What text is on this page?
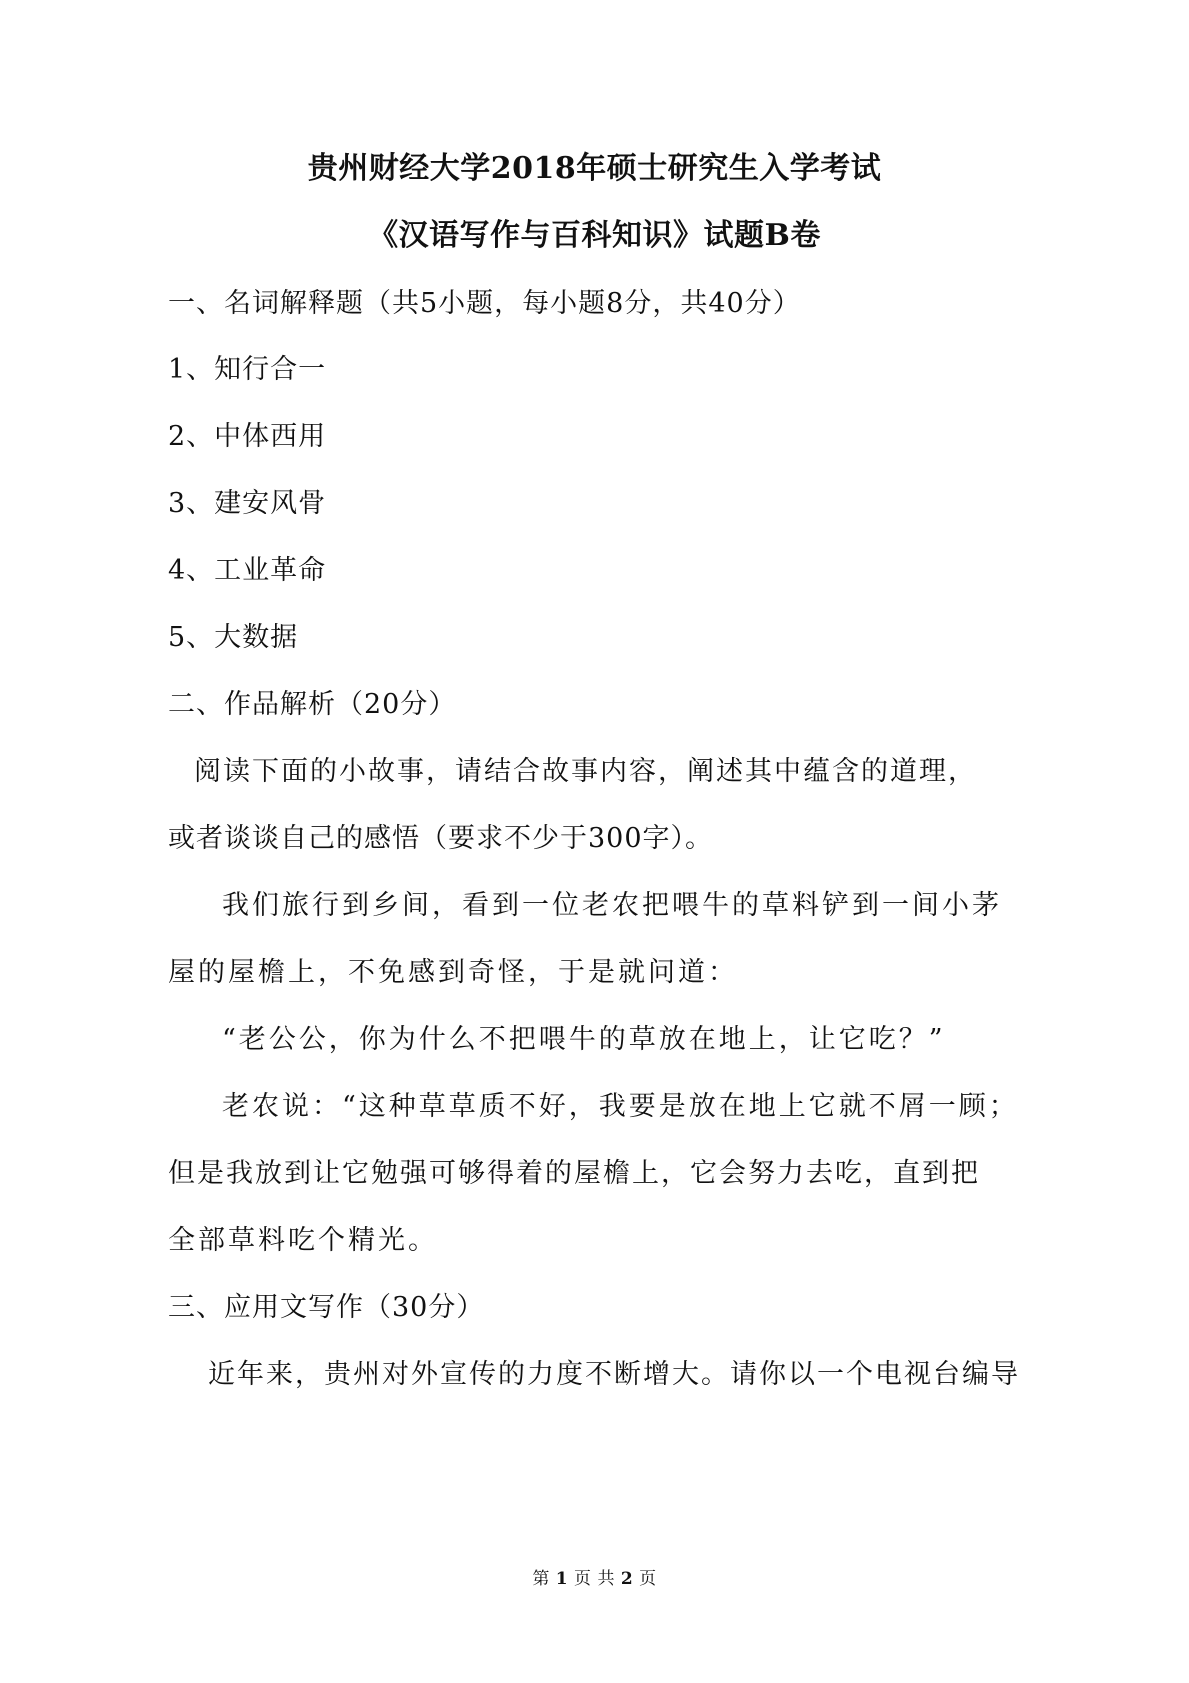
贵州财经大学2018年硕士研究生入学考试
《汉语写作与百科知识》试题B卷
一、名词解释题（共5小题，每小题8分，共40分）
1、知行合一
2、中体西用
3、建安风骨
4、工业革命
5、大数据
二、作品解析（20分）
阅读下面的小故事，请结合故事内容，阐述其中蕴含的道理，
或者谈谈自己的感悟（要求不少于300字）。
我们旅行到乡间，看到一位老农把喂牛的草料铲到一间小茅
屋的屋檐上，不免感到奇怪，于是就问道：
“老公公，你为什么不把喂牛的草放在地上，让它吃？”
老农说：“这种草草质不好，我要是放在地上它就不屑一顾；
但是我放到让它勉强可够得着的屋檐上，它会努力去吃，直到把
全部草料吃个精光。
三、应用文写作（30分）
近年来，贵州对外宣传的力度不断增大。请你以一个电视台编导
第 1 页 共 2 页
